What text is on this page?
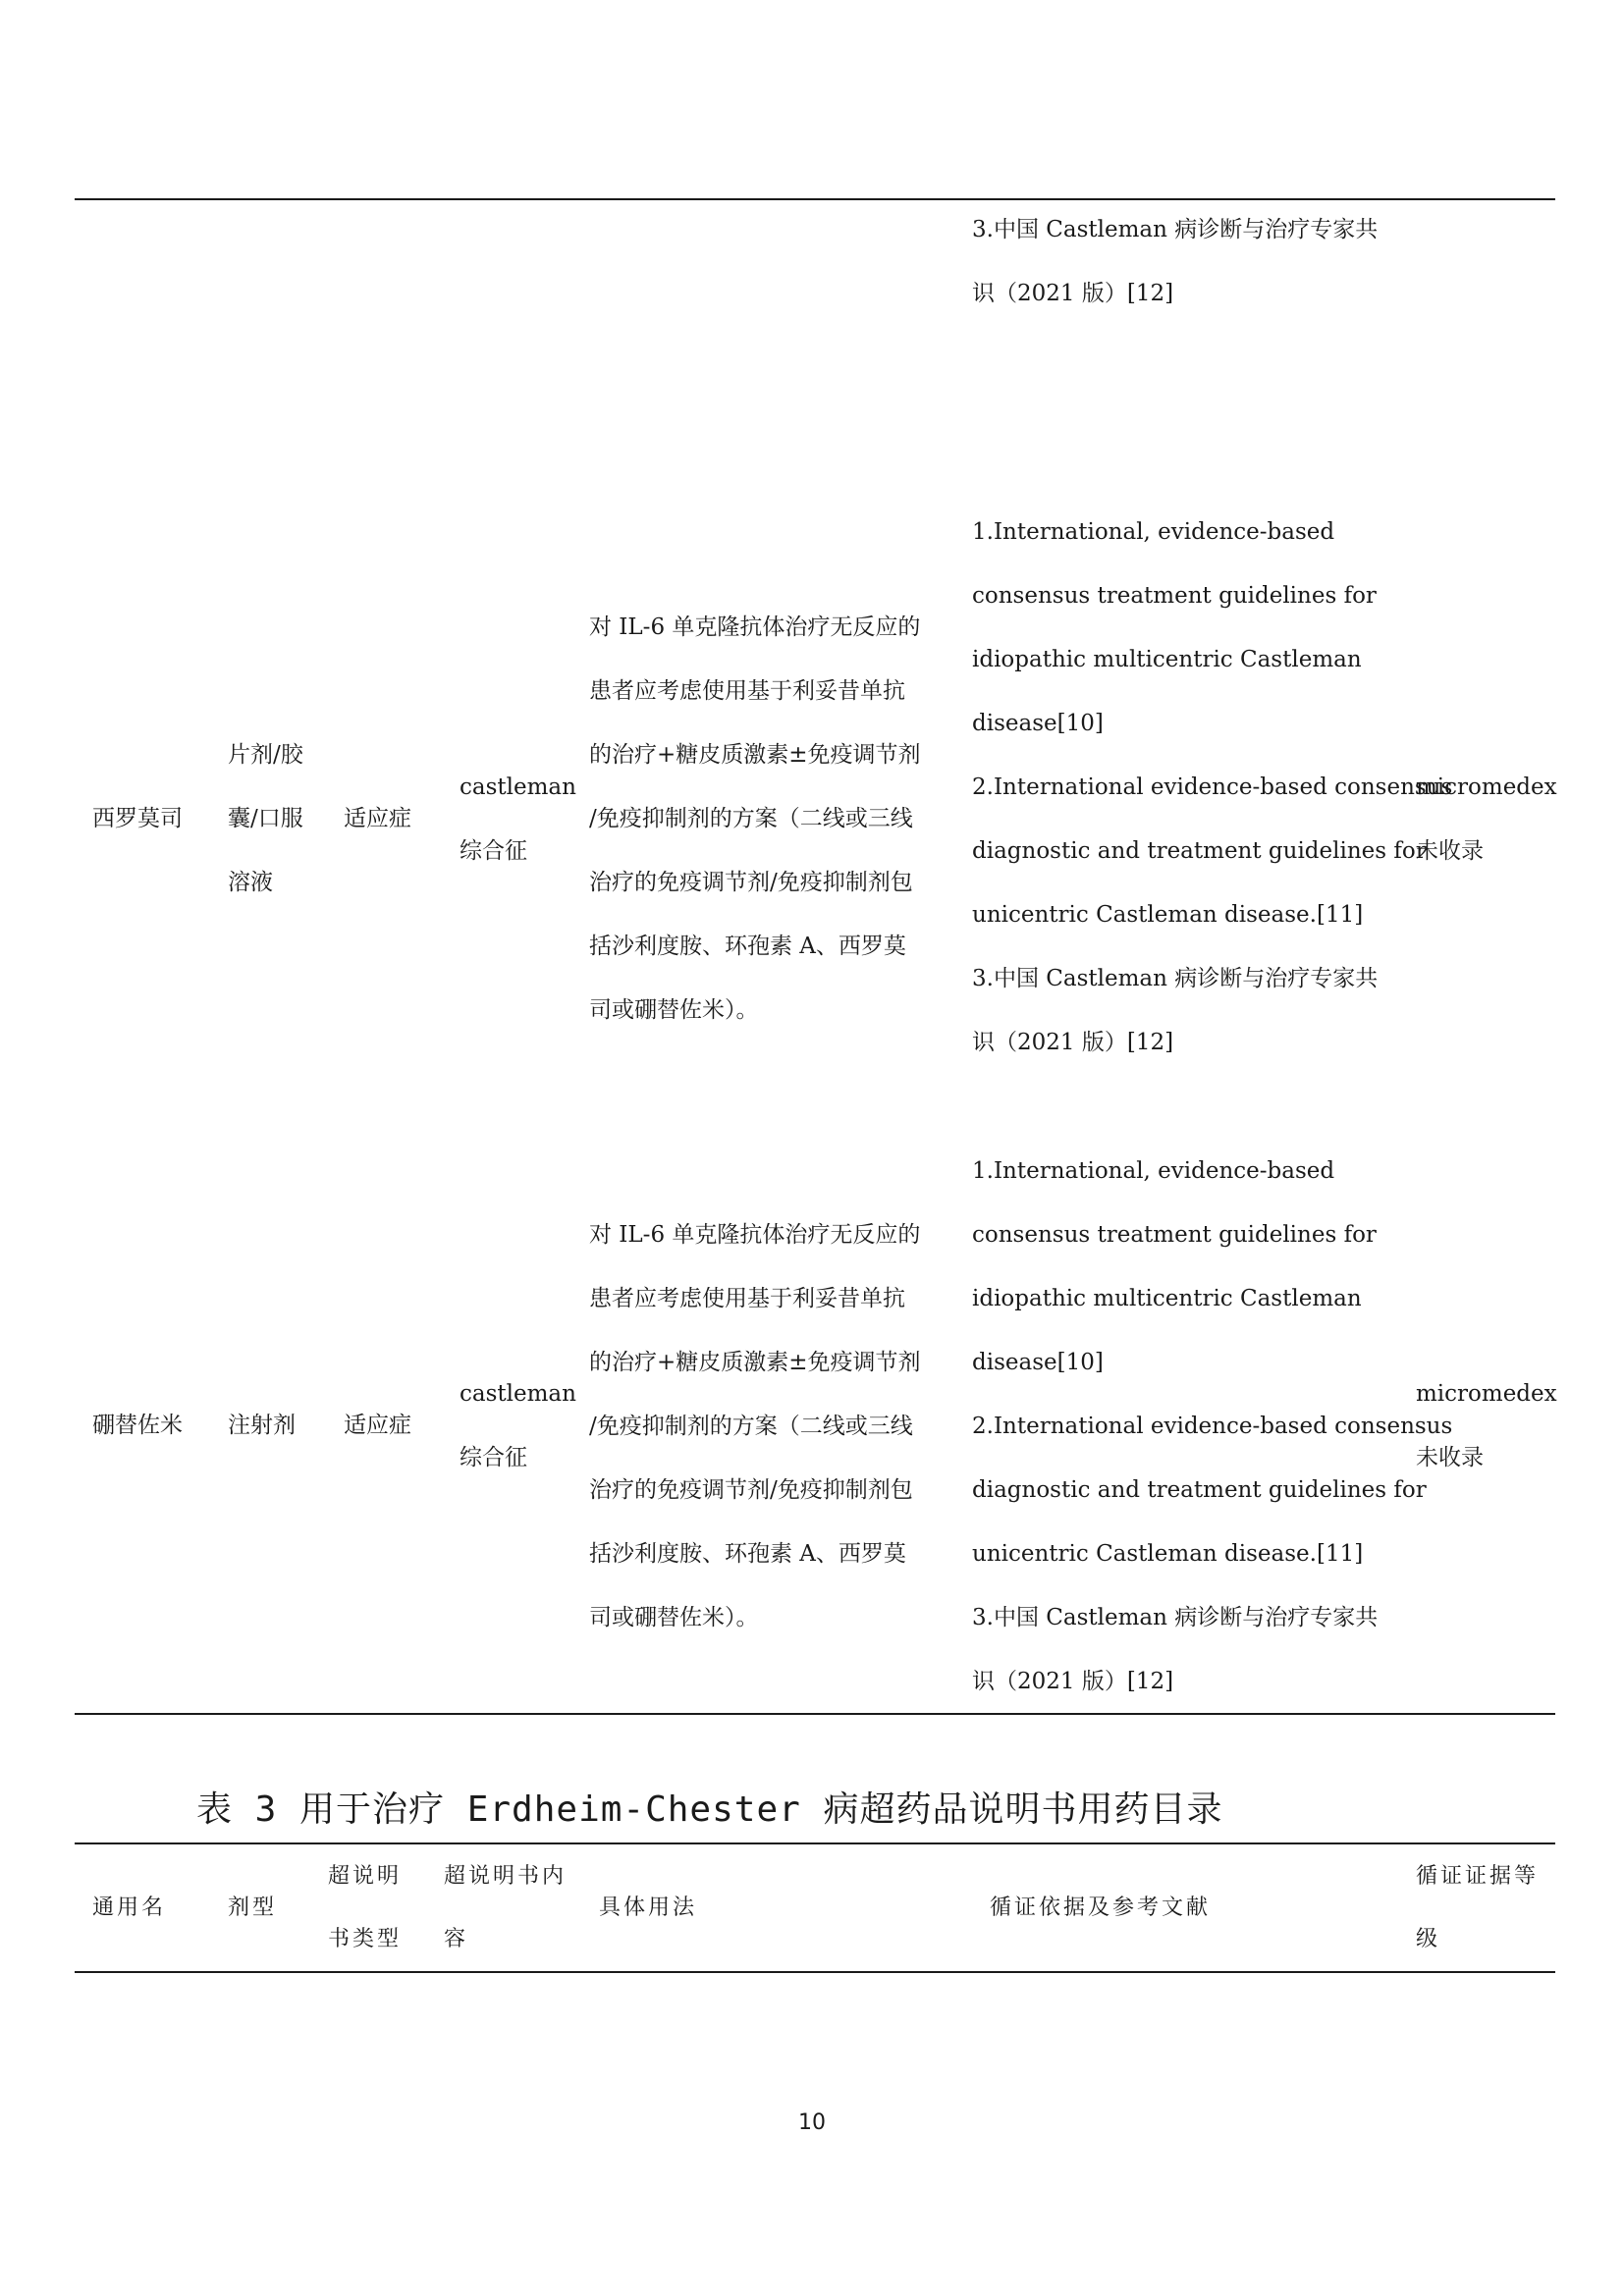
3.中国 Castleman 病诊断与治疗专家共
识（2021 版）[12]
西罗莫司
片剂/胶
囊/口服
溶液
适应症
castleman
综合征
对 IL-6 单克隆抗体治疗无反应的
患者应考虑使用基于利妥昔单抗
的治疗+糖皮质激素±免疫调节剂
/免疫抑制剂的方案（二线或三线
治疗的免疫调节剂/免疫抑制剂包
括沙利度胺、环孢素 A、西罗莫
司或硼替佐米）。
1.International, evidence-based
consensus treatment guidelines for
idiopathic multicentric Castleman
disease[10]
2.International evidence-based consensus
diagnostic and treatment guidelines for
unicentric Castleman disease.[11]
3.中国 Castleman 病诊断与治疗专家共
识（2021 版）[12]
micromedex
未收录
硼替佐米 注射剂 适应症
castleman
综合征
对 IL-6 单克隆抗体治疗无反应的
患者应考虑使用基于利妥昔单抗
的治疗+糖皮质激素±免疫调节剂
/免疫抑制剂的方案（二线或三线
治疗的免疫调节剂/免疫抑制剂包
括沙利度胺、环孢素 A、西罗莫
司或硼替佐米）。
1.International, evidence-based
consensus treatment guidelines for
idiopathic multicentric Castleman
disease[10]
2.International evidence-based consensus
diagnostic and treatment guidelines for
unicentric Castleman disease.[11]
3.中国 Castleman 病诊断与治疗专家共
识（2021 版）[12]
micromedex
未收录
表 3 用于治疗 Erdheim-Chester 病超药品说明书用药目录
通用名	剂型
超说明
书类型
超说明书内
容
具体用法	循证依据及参考文献
循证证据等
级
10
